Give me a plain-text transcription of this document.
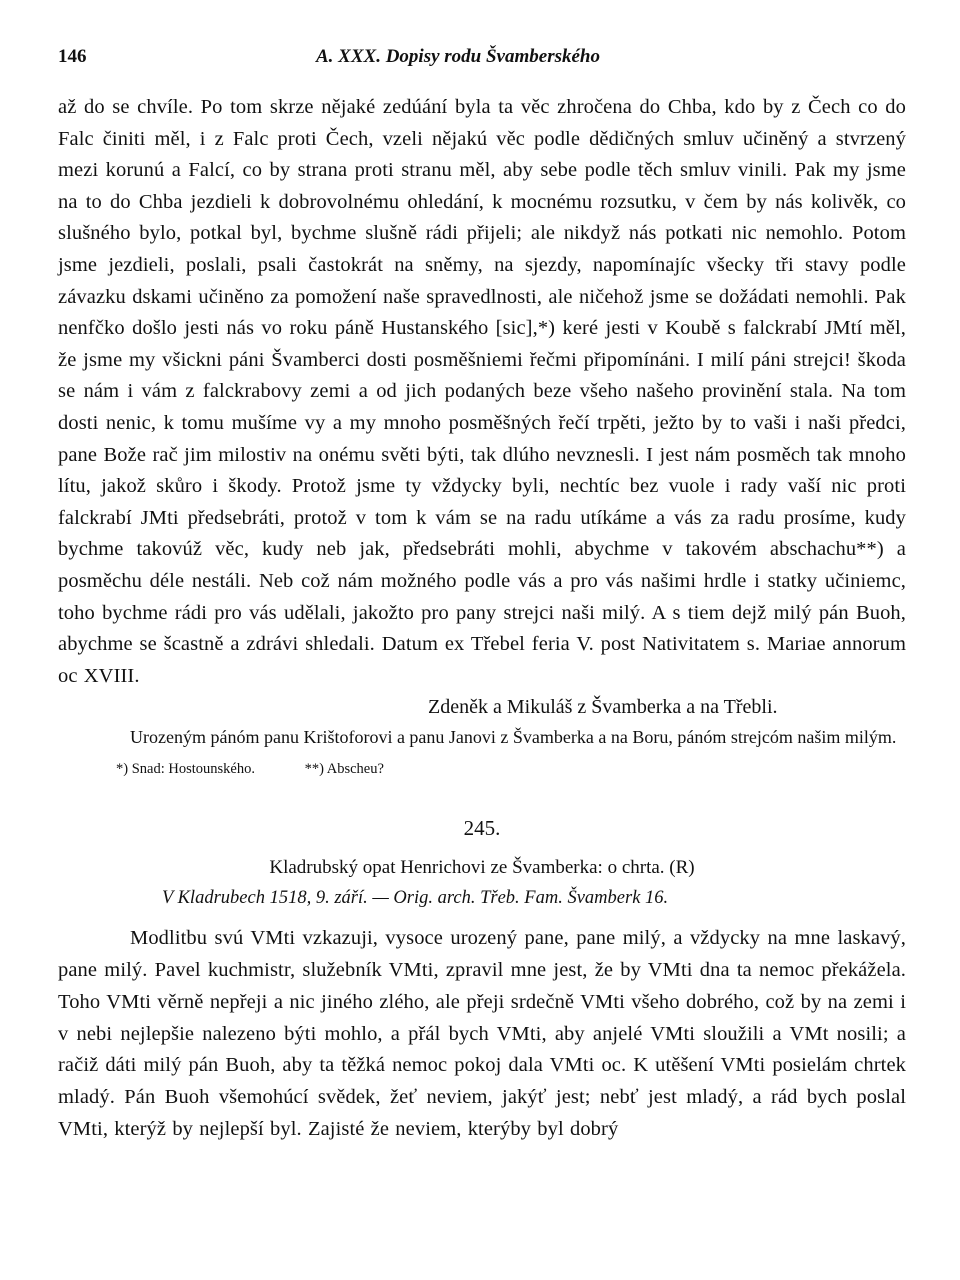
146	A. XXX. Dopisy rodu Švamberského

až do se chvíle. Po tom skrze nějaké zedúání byla ta věc zhročena do Chba, kdo by z Čech co do Falc činiti měl, i z Falc proti Čech, vzeli nějakú věc podle dědičných smluv učiněný a stvrzený mezi korunú a Falcí, co by strana proti stranu měl, aby sebe podle těch smluv vinili. Pak my jsme na to do Chba jezdieli k dobrovolnému ohledání, k mocnému rozsutku, v čem by nás kolivěk, co slušného bylo, potkal byl, bychme slušně rádi přijeli; ale nikdyž nás potkati nic nemohlo. Potom jsme jezdieli, poslali, psali častokrát na sněmy, na sjezdy, napomínajíc všecky tři stavy podle závazku dskami učiněno za pomožení naše spravedlnosti, ale ničehož jsme se dožádati nemohli. Pak nenfčko došlo jesti nás vo roku páně Hustanského [sic],*) keré jesti v Koubě s falckrabí JMtí měl, že jsme my všickni páni Švamberci dosti posměšniemi řečmi připomínáni. I milí páni strejci! škoda se nám i vám z falckrabovy zemi a od jich podaných beze všeho našeho provinění stala. Na tom dosti nenic, k tomu mušíme vy a my mnoho posměšných řečí trpěti, ježto by to vaši i naši předci, pane Bože rač jim milostiv na onému světi býti, tak dlúho nevznesli. I jest nám posměch tak mnoho lítu, jakož skůro i škody. Protož jsme ty vždycky byli, nechtíc bez vuole i rady vaší nic proti falckrabí JMti předsebráti, protož v tom k vám se na radu utíkáme a vás za radu prosíme, kudy bychme takovúž věc, kudy neb jak, předsebráti mohli, abychme v takovém abschachu**) a posměchu déle nestáli. Neb což nám možného podle vás a pro vás našimi hrdle i statky učiniemc, toho bychme rádi pro vás udělali, jakožto pro pany strejci naši milý. A s tiem dejž milý pán Buoh, abychme se šcastně a zdrávi shledali. Datum ex Třebel feria V. post Nativitatem s. Mariae annorum oc XVIII.

Zdeněk a Mikuláš z Švamberka a na Třebli.

Urozeným pánóm panu Krištoforovi a panu Janovi z Švamberka a na Boru, pánóm strejcóm našim milým.

*) Snad: Hostounského.	**) Abscheu?
245.
Kladrubský opat Henrichovi ze Švamberka: o chrta. (R)
V Kladrubech 1518, 9. září. — Orig. arch. Třeb. Fam. Švamberk 16.

Modlitbu svú VMti vzkazuji, vysoce urozený pane, pane milý, a vždycky na mne laskavý, pane milý. Pavel kuchmistr, služebník VMti, zpravil mne jest, že by VMti dna ta nemoc překážela. Toho VMti věrně nepřeji a nic jiného zlého, ale přeji srdečně VMti všeho dobrého, což by na zemi i v nebi nejlepšie nalezeno býti mohlo, a přál bych VMti, aby anjelé VMti sloužili a VMt nosili; a račiž dáti milý pán Buoh, aby ta těžká nemoc pokoj dala VMti oc. K utěšení VMti posielám chrtek mladý. Pán Buoh všemohúcí svědek, žeť neviem, jakýť jest; nebť jest mladý, a rád bych poslal VMti, kterýž by nejlepší byl. Zajisté že neviem, kterýby byl dobrý
